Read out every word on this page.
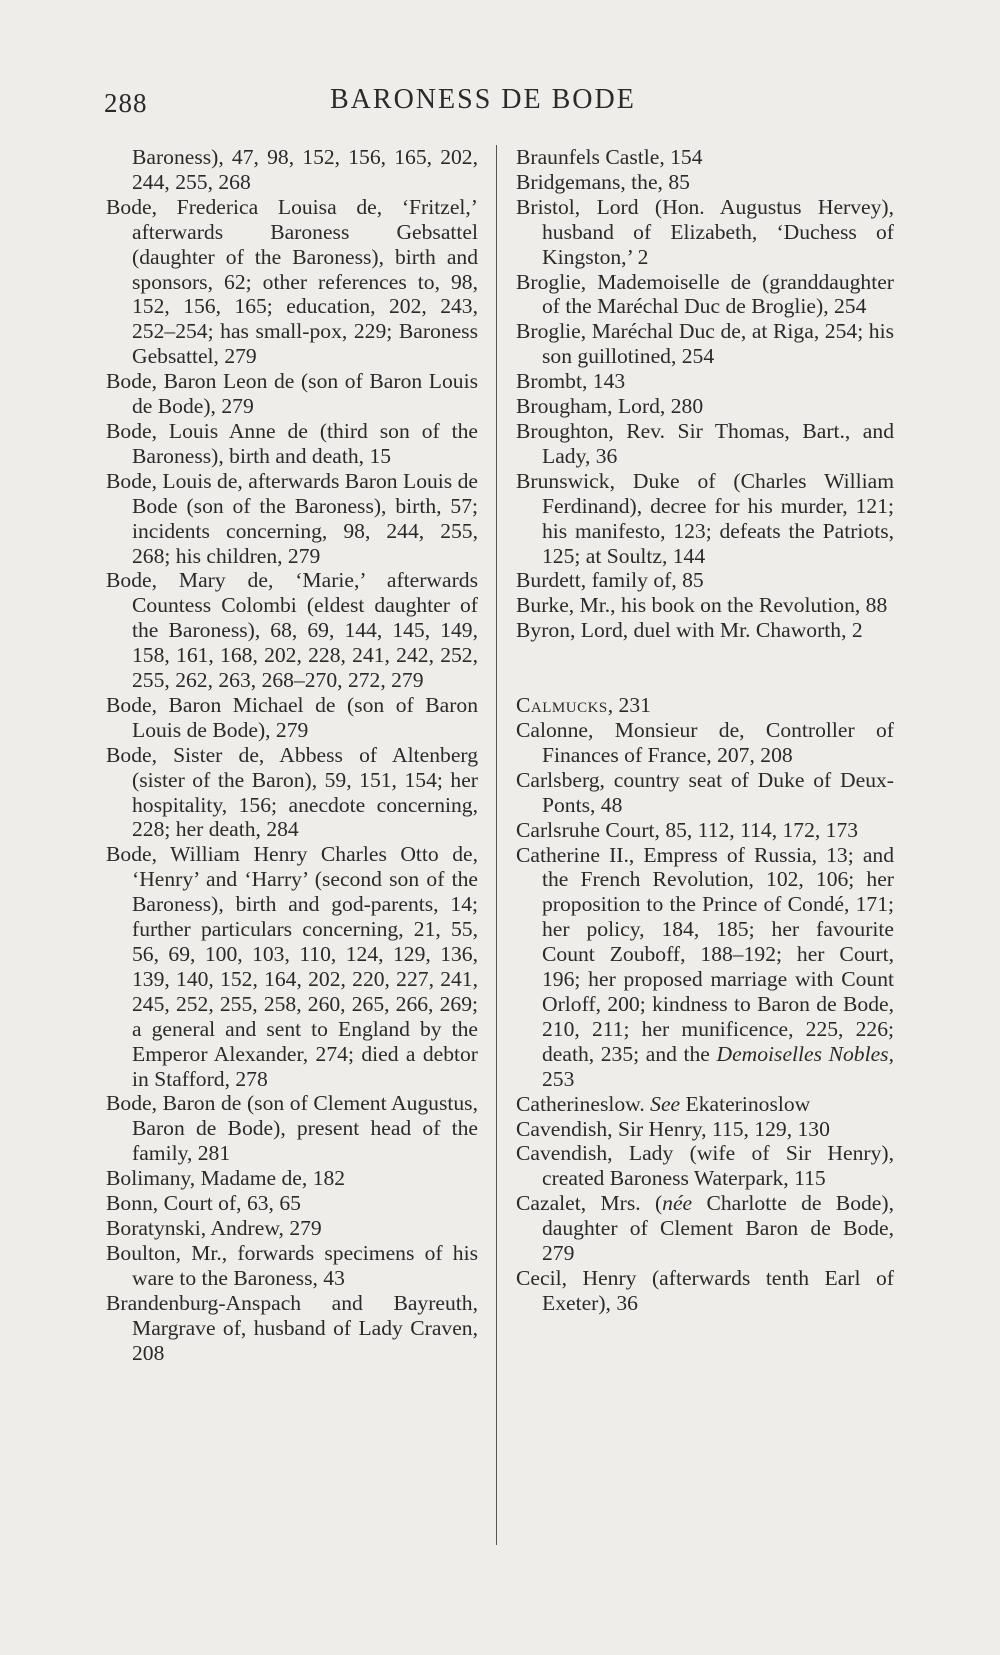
288	BARONESS DE BODE

Baroness), 47, 98, 152, 156, 165, 202, 244, 255, 268

Bode, Frederica Louisa de, ‘Fritzel,’ afterwards Baroness Gebsattel (daughter of the Baroness), birth and sponsors, 62; other references to, 98, 152, 156, 165; education, 202, 243, 252–254; has small-pox, 229; Baroness Gebsattel, 279

Bode, Baron Leon de (son of Baron Louis de Bode), 279

Bode, Louis Anne de (third son of the Baroness), birth and death, 15

Bode, Louis de, afterwards Baron Louis de Bode (son of the Baroness), birth, 57; incidents concerning, 98, 244, 255, 268; his children, 279

Bode, Mary de, ‘Marie,’ afterwards Countess Colombi (eldest daughter of the Baroness), 68, 69, 144, 145, 149, 158, 161, 168, 202, 228, 241, 242, 252, 255, 262, 263, 268–270, 272, 279

Bode, Baron Michael de (son of Baron Louis de Bode), 279

Bode, Sister de, Abbess of Altenberg (sister of the Baron), 59, 151, 154; her hospitality, 156; anecdote concerning, 228; her death, 284

Bode, William Henry Charles Otto de, ‘Henry’ and ‘Harry’ (second son of the Baroness), birth and god-parents, 14; further particulars concerning, 21, 55, 56, 69, 100, 103, 110, 124, 129, 136, 139, 140, 152, 164, 202, 220, 227, 241, 245, 252, 255, 258, 260, 265, 266, 269; a general and sent to England by the Emperor Alexander, 274; died a debtor in Stafford, 278

Bode, Baron de (son of Clement Augustus, Baron de Bode), present head of the family, 281

Bolimany, Madame de, 182

Bonn, Court of, 63, 65

Boratynski, Andrew, 279

Boulton, Mr., forwards specimens of his ware to the Baroness, 43

Brandenburg-Anspach and Bayreuth, Margrave of, husband of Lady Craven, 208

Braunfels Castle, 154

Bridgemans, the, 85

Bristol, Lord (Hon. Augustus Hervey), husband of Elizabeth, ‘Duchess of Kingston,’ 2

Broglie, Mademoiselle de (granddaughter of the Maréchal Duc de Broglie), 254

Broglie, Maréchal Duc de, at Riga, 254; his son guillotined, 254

Brombt, 143

Brougham, Lord, 280

Broughton, Rev. Sir Thomas, Bart., and Lady, 36

Brunswick, Duke of (Charles William Ferdinand), decree for his murder, 121; his manifesto, 123; defeats the Patriots, 125; at Soultz, 144

Burdett, family of, 85

Burke, Mr., his book on the Revolution, 88

Byron, Lord, duel with Mr. Chaworth, 2

Calmucks, 231

Calonne, Monsieur de, Controller of Finances of France, 207, 208

Carlsberg, country seat of Duke of Deux-Ponts, 48

Carlsruhe Court, 85, 112, 114, 172, 173

Catherine II., Empress of Russia, 13; and the French Revolution, 102, 106; her proposition to the Prince of Condé, 171; her policy, 184, 185; her favourite Count Zouboff, 188–192; her Court, 196; her proposed marriage with Count Orloff, 200; kindness to Baron de Bode, 210, 211; her munificence, 225, 226; death, 235; and the Demoiselles Nobles, 253

Catherineslow. See Ekaterinoslow

Cavendish, Sir Henry, 115, 129, 130

Cavendish, Lady (wife of Sir Henry), created Baroness Waterpark, 115

Cazalet, Mrs. (née Charlotte de Bode), daughter of Clement Baron de Bode, 279

Cecil, Henry (afterwards tenth Earl of Exeter), 36
